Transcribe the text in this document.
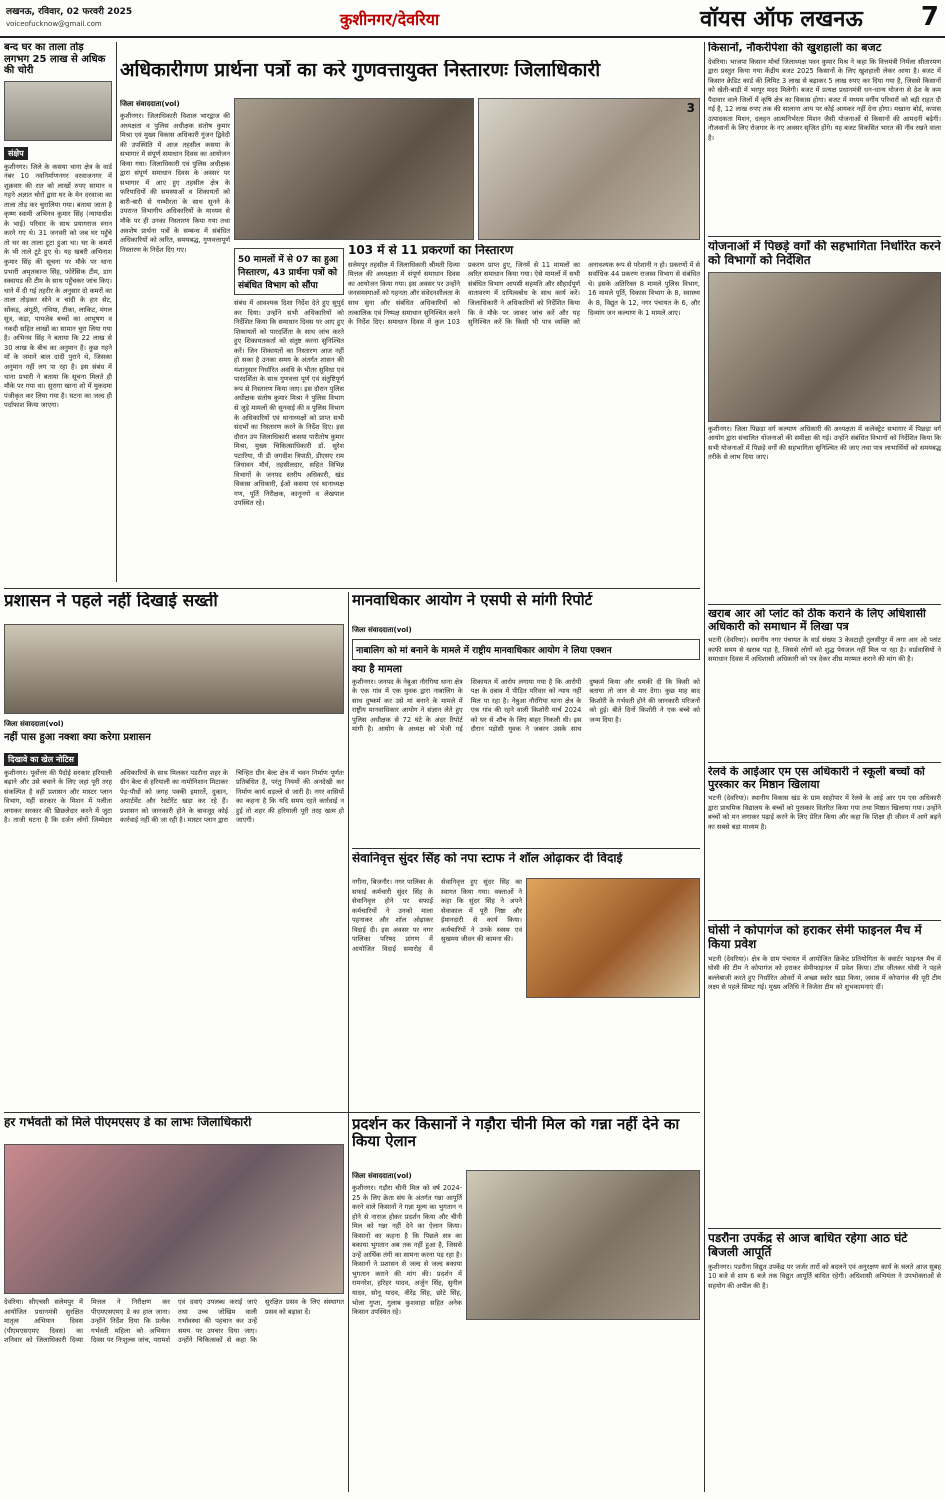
लखनऊ, रविवार, 02 फरवरी 2025
voiceofucknow@gmail.com	कुशीनगर/देवरिया	वॉयस ऑफ लखनऊ 7
बन्द घर का ताला तोड़ लगभग 25 लाख से अधिक की चोरी
संक्षेप
कुशीनगर। जिले के कसया थाना क्षेत्र के वार्ड नंबर 10 नवनिर्माणनगर वरवाजनगर में शुक्रवार की रात को लाखों रुपए सामान व गहने अज्ञात चोरों द्वारा घर के मेन दरवाजा का ताला तोड़ कर चुरालिया गया। बताया जाता है कृष्ण स्वामी अभिनव कुमार सिंह (न्यायाधीश के भाई) परिवार के साथ प्रयागराज स्नान करने गए थे। 31 जनवरी को जब घर पहुँचे तो घर का ताला टूटा हुआ था। घर के कमरों के भी ताले टूटे हुए थे। यह खबरी अभिनाश कुमार सिंह की सूचना पर मौके पर थाना प्रभारी अमृतकान्त सिंह, फोरेंसिक टीम, डाग स्क्वायड की टीम के साथ पहुँचकर जांच किए। थाने में दी गई तहरीर के अनुसार दो कमरों का ताला तोड़कर सोने व चांदी के हार सेट, सोंकड़, अंगूठी, नथिया, टीका, लाकिट, मंगल सूत्र, कड़ा, पायजेब बच्चों का आभूषण व नकदी सहित लाखों का सामान चुरा लिया गया है। अभिनव सिंह ने बताया कि 22 लाख से 30 लाख के बीच का अनुमान है। कुछ गहने माँ के जमाने बाल दादी पुराने थे, जिसका अनुमान नहीं लग पा रहा है। इस संबंध में थाना प्रभारी ने बताया कि सूचना मिलते ही मौके पर गया था। सुरागा खाना शो में मुकदमा पंजीकृत कर लिया गया है। घटना का जल्द ही पर्दाफाश किया जाएगा।
अधिकारीगण प्रार्थना पत्रों का करे गुणवत्तायुक्त निस्तारणः जिलाधिकारी
जिला संवाददाता(vol)
कुशीनगर। जिलाधिकारी विशाल भारद्वाज की अध्यक्षता व पुलिस अधीक्षक संतोष कुमार मिश्रा एवं मुख्य विकास अधिकारी गुंजन द्विवेदी की उपस्थिति में आज तहसील कसया के सभागार में संपूर्ण समाधान दिवस का आयोजन किया गया। जिलाधिकारी एवं पुलिस अधीक्षक द्वारा संपूर्ण समाधान दिवस के अवसर पर सभागार में आए हुए तहसील क्षेत्र के फरियादियों की समस्याओं व शिकायतों को बारी-बारी से गम्भीरता के साथ सुनने के उपरान्त विभागीय अधिकारियों के माध्यम से मौके पर ही उनका निस्तारण किया गया तथा अवशेष प्रार्थना पत्रों के सम्बन्ध में संबंधित अधिकारियों को त्वरित, समयबद्ध, गुणवत्तापूर्ण निस्तारण के निर्देश दिए गए।
3
50 मामलों में से 07 का हुआ निस्तारण, 43 प्रार्थना पत्रों को संबंधित विभाग को सौंपा
संबंध में आवश्यक दिशा निर्देश देते हुए सुपुर्द कर दिया। उन्होंने सभी अधिकारियों को निर्देशित किया कि समाधान दिवस पर आए हुए शिकायतों को पारदर्शिता के साथ जांच करते हुए शिकायतकर्ता को संतुष्ट करना सुनिश्चित करें। जिन शिकायतों का निस्तारण आज नहीं हो सका है उनका समय के अंतर्गत शासन की मंशानुसार निर्धारित अवधि के भीतर सुविधा एवं पारदर्शिता के साथ गुणवत्ता पूर्ण एवं संतुष्टिपूर्ण रूप से निस्तारण किया जाए। इस दौरान पुलिस अधीक्षक संतोष कुमार मिश्रा ने पुलिस विभाग से जुड़े मामलों की सुनवाई की व पुलिस विभाग के अधिकारियों एवं थानाध्यक्षों को प्राप्त सभी संदर्भों का निस्तारण करने के निर्देश दिए। इस दौरान उप जिलाधिकारी कसया पारीतोष कुमार मिश्रा, मुख्य चिकित्साधिकारी डॉ. सुरेश पटारिया, पी डी जगदीश त्रिपाठी, डीएसए राम जियावन मौर्य, तहसीलदार, सहित विभिन्न विभागों के जनपद स्तरीय अधिकारी, खंड विकास अधिकारी, ईओ कसया एवं थानाध्यक्ष गण, पूर्ति निरीक्षक, कानूनगो व लेखपाल उपस्थित रहे।
103 में से 11 प्रकरणों का निस्तारण
सलेमपुर तहसील में जिलाधिकारी श्रीमती दिव्या मित्तल की अध्यक्षता में संपूर्ण समाधान दिवस का आयोजन किया गया। इस अवसर पर उन्होंने जनसमस्याओं को गहनता और संवेदनशीलता के साथ सुना और संबंधित अधिकारियों को तत्कालिक एवं निष्पक्ष समाधान सुनिश्चित करने के निर्देश दिए। समाधान दिवस में कुल 103 प्रकरण प्राप्त हुए, जिनमें से 11 मामलों का त्वरित समाधान किया गया। ऐसे मामलों में सभी संबंधित विभाग आपसी सहमति और सौहार्दपूर्ण वातावरण में दायित्वबोध के साथ कार्य करें। जिलाधिकारी ने अधिकारियों को निर्देशित किया कि वे मौके पर जाकर जांच करें और यह सुनिश्चित करें कि किसी भी पात्र व्यक्ति को अनावश्यक रूप से परेशानी न हो। प्रकरणों में से सर्वाधिक 44 प्रकरण राजस्व विभाग से संबंधित थे। इसके अतिरिक्त 8 मामले पुलिस विभाग, 16 मामले पूर्ति, विकास विभाग के 8, स्वास्थ्य के 8, विद्युत के 12, नगर पंचायत के 6, और दिव्यांग जन कल्याण के 1 मामले आए।
किसानों, नौकरीपेशा की खुशहाली का बजट
देवरिया। भाजपा किसान मोर्चा जिलाध्यक्ष पवन कुमार मिश्र ने कहा कि वित्तमंत्री निर्मला सीतारमण द्वारा प्रस्तुत किया गया केंद्रीय बजट 2025 किसानों के लिए खुशहाली लेकर आया है। बजट में किसान क्रेडिट कार्ड की लिमिट 3 लाख से बढ़ाकर 5 लाख रुपए कर दिया गया है, जिससे किसानों को खेती-बाड़ी में भरपूर मदद मिलेगी। बजट में प्रत्यक्ष प्रधानमंत्री धन-धान्य योजना से देश के कम पैदावार वाले जिलों में कृषि क्षेत्र का विकास होगा। बजट में मध्यम वर्गीय परिवारों को बड़ी राहत दी गई है, 12 लाख रुपए तक की सालाना आय पर कोई आयकर नहीं देना होगा। मखाना बोर्ड, कपास उत्पादकता मिशन, दलहन आत्मनिर्भरता मिशन जैसी योजनाओं से किसानों की आमदनी बढ़ेगी। नौजवानों के लिए रोजगार के नए अवसर सृजित होंगे। यह बजट विकसित भारत की नींव रखने वाला है।
योजनाओं में पिछड़े वर्गों की सहभागिता निर्धारित करने को विभागों को निर्देशित
कुशीनगर। जिला पिछड़ा वर्ग कल्याण अधिकारी की अध्यक्षता में कलेक्ट्रेट सभागार में पिछड़ा वर्ग आयोग द्वारा संचालित योजनाओं की समीक्षा की गई। उन्होंने संबंधित विभागों को निर्देशित किया कि सभी योजनाओं में पिछड़े वर्गों की सहभागिता सुनिश्चित की जाए तथा पात्र लाभार्थियों को समयबद्ध तरीके से लाभ दिया जाए।
खराब आर ओ प्लांट को ठीक कराने के लिए अधिशासी अधिकारी को समाधान में लिखा पत्र
भटनी (देवरिया)। स्थानीय नगर पंचायत के वार्ड संख्या 3 केवटाही तुलसीपुर में लगा आर ओ प्लांट काफी समय से खराब पड़ा है, जिससे लोगों को शुद्ध पेयजल नहीं मिल पा रहा है। वार्डवासियों ने समाधान दिवस में अधिशासी अधिकारी को पत्र देकर शीघ्र मरम्मत कराने की मांग की है।
रेलवे के आईआर एम एस अधिकारी ने स्कूली बच्चों को पुरस्कार कर मिष्ठान खिलाया
भटनी (देवरिया)। स्थानीय विकास खंड के ग्राम साहोपार में रेलवे के आई आर एम एस अधिकारी द्वारा प्राथमिक विद्यालय के बच्चों को पुरस्कार वितरित किया गया तथा मिष्ठान खिलाया गया। उन्होंने बच्चों को मन लगाकर पढ़ाई करने के लिए प्रेरित किया और कहा कि शिक्षा ही जीवन में आगे बढ़ने का सबसे बड़ा माध्यम है।
घोसी ने कोपागंज को हराकर सेमी फाइनल मैच में किया प्रवेश
भटनी (देवरिया)। क्षेत्र के ग्राम पंचायत में आयोजित क्रिकेट प्रतियोगिता के क्वार्टर फाइनल मैच में घोसी की टीम ने कोपागंज को हराकर सेमीफाइनल में प्रवेश किया। टॉस जीतकर घोसी ने पहले बल्लेबाजी करते हुए निर्धारित ओवरों में अच्छा स्कोर खड़ा किया, जवाब में कोपागंज की पूरी टीम लक्ष्य से पहले सिमट गई। मुख्य अतिथि ने विजेता टीम को शुभकामनाएं दीं।
पडरौना उपकेंद्र से आज बाधित रहेगा आठ घंटे बिजली आपूर्ति
कुशीनगर। पडरौना विद्युत उपकेंद्र पर जर्जर तारों को बदलने एवं अनुरक्षण कार्य के चलते आज सुबह 10 बजे से शाम 6 बजे तक विद्युत आपूर्ति बाधित रहेगी। अधिशासी अभियंता ने उपभोक्ताओं से सहयोग की अपील की है।
प्रशासन ने पहले नहीं दिखाई सख्ती
जिला संवाददाता(vol)
नहीं पास हुआ नक्शा क्या करेगा प्रशासन
दिखावे का खेल नोटिस
कुशीनगर। पूर्वोत्तर की पैदोई सरकार हरियाली बढ़ाने और उसे बचाने के लिए जहां पूरी तरह संकल्पित है वहीं प्रशासन और मास्टर प्लान विभाग, यहीं सरकार के मिशन में पलीता लगाकर सरकार की छिछलेदार करने में जुटा है। ताजी घटना है कि दर्जन लोगों जिम्मेदार अधिकारियों के साथ मिलकर पडरौना शहर के ग्रीन बेल्ट से हरियाली का नामोनिशान मिटाकर पेड़-पौधों को जगह पक्की इमारतें, दुकान, अपार्टमेंट और रेस्टोरेंट खड़ा कर रहे हैं। प्रशासन को जानकारी होने के बावजूद कोई कार्रवाई नहीं की जा रही है। मास्टर प्लान द्वारा चिन्हित ग्रीन बेल्ट क्षेत्र में भवन निर्माण पूर्णतः प्रतिबंधित है, परंतु नियमों की अनदेखी कर निर्माण कार्य धड़ल्ले से जारी है। नगर वासियों का कहना है कि यदि समय रहते कार्रवाई न हुई तो शहर की हरियाली पूरी तरह खत्म हो जाएगी।
मानवाधिकार आयोग ने एसपी से मांगी रिपोर्ट
जिला संवाददाता(vol)
नाबालिग को मां बनाने के मामले में राष्ट्रीय मानवाधिकार आयोग ने लिया एक्शन
क्या है मामला
कुशीनगर। जनपद के नेबुआ नौरंगिया थाना क्षेत्र के एक गांव में एक युवक द्वारा नाबालिग के साथ दुष्कर्म कर उसे मां बनाने के मामले में राष्ट्रीय मानवाधिकार आयोग ने संज्ञान लेते हुए पुलिस अधीक्षक से 72 घंटे के अंदर रिपोर्ट मांगी है। आयोग के अध्यक्ष को भेजी गई शिकायत में आरोप लगाया गया है कि आरोपी पक्ष के दबाव में पीड़ित परिवार को न्याय नहीं मिल पा रहा है। नेबुआ नौरंगिया थाना क्षेत्र के एक गांव की रहने वाली किशोरी मार्च 2024 को घर से शौच के लिए बाहर निकली थी। इस दौरान पड़ोसी युवक ने जबरन उसके साथ दुष्कर्म किया और धमकी दी कि किसी को बताया तो जान से मार देगा। कुछ माह बाद किशोरी के गर्भवती होने की जानकारी परिजनों को हुई। बीते दिनों किशोरी ने एक बच्चे को जन्म दिया है।
सेवानिवृत्त सुंदर सिंह को नपा स्टाफ ने शॉल ओढ़ाकर दी विदाई
नगीना, बिजनौर। नगर पालिका के सफाई कर्मचारी सुंदर सिंह के सेवानिवृत्त होने पर सफाई कर्मचारियों ने उनको माला पहनाकर और शॉल ओढ़ाकर विदाई दी। इस अवसर पर नगर पालिका परिषद प्रांगण में आयोजित विदाई समारोह में सेवानिवृत्त हुए सुंदर सिंह का स्वागत किया गया। वक्ताओं ने कहा कि सुंदर सिंह ने अपने सेवाकाल में पूरी निष्ठा और ईमानदारी से कार्य किया। कर्मचारियों ने उनके स्वस्थ एवं सुखमय जीवन की कामना की।
हर गर्भवती को मिले पीएमएसए डे का लाभः जिलाधिकारी
देवरिया। सीएचसी सलेमपुर में आयोजित प्रधानमंत्री सुरक्षित मातृत्व अभियान दिवस (पीएमएसएमए दिवस) का शनिवार को जिलाधिकारी दिव्या मित्तल ने निरीक्षण कर पीएमएसएमए डे का हाल जाना। उन्होंने निर्देश दिया कि प्रत्येक गर्भवती महिला को अभियान दिवस पर निःशुल्क जांच, परामर्श एवं दवाएं उपलब्ध कराई जाएं तथा उच्च जोखिम वाली गर्भावस्था की पहचान कर उन्हें समय पर उपचार दिया जाए। उन्होंने चिकित्सकों से कहा कि सुरक्षित प्रसव के लिए संस्थागत प्रसव को बढ़ावा दें।
प्रदर्शन कर किसानों ने गड़ौरा चीनी मिल को गन्ना नहीं देने का किया ऐलान
जिला संवाददाता(vol)
कुशीनगर। गड़ौरा चीनी मिल को वर्ष 2024-25 के लिए क्रेता संघ के अंतर्गत गन्ना आपूर्ति करने वाले किसानों ने गन्ना मूल्य का भुगतान न होने से नाराज होकर प्रदर्शन किया और चीनी मिल को गन्ना नहीं देने का ऐलान किया। किसानों का कहना है कि पिछले सत्र का बकाया भुगतान अब तक नहीं हुआ है, जिससे उन्हें आर्थिक तंगी का सामना करना पड़ रहा है। किसानों ने प्रशासन से जल्द से जल्द बकाया भुगतान कराने की मांग की। प्रदर्शन में रामनरेश, हरिहर यादव, अर्जुन सिंह, सुनील यादव, सोनू यादव, वीरेंद्र सिंह, छोटे सिंह, भोला गुप्ता, गुलाब कुशवाहा सहित अनेक किसान उपस्थित रहे।
